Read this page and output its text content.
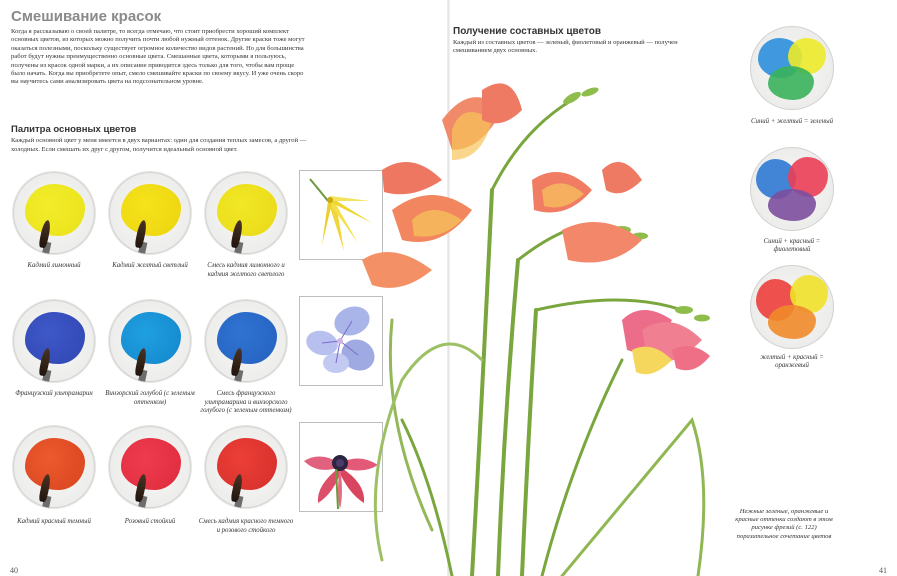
Смешивание красок

Когда я рассказываю о своей палитре, то всегда отмечаю, что стоит приобрести хороший комплект основных цветов, из которых можно получить почти любой нужный оттенок. Другие краски тоже могут оказаться полезными, поскольку существует огромное количество видов растений. Но для большинства работ будут нужны преимущественно основные цвета. Смешанные цвета, которыми я пользуюсь, получены из красок одной марки, а их описание приводится здесь только для того, чтобы вам проще было начать. Когда вы приобретете опыт, смело смешивайте краски по своему вкусу. И уже очень скоро вы научитесь сами анализировать цвета на подсознательном уровне.

Палитра основных цветов

Каждый основной цвет у меня имеется в двух вариантах: один для создания теплых замесов, а другой — холодных. Если смешать их друг с другом, получится идеальный основной цвет.

Кадмий лимонный	Кадмий желтый светлый	Смесь кадмия лимонного и кадмия желтого светлого

Французский ультрамарин	Винзорский голубой (с зеленым оттенком)

Смесь французского ультрамарина и винзорского голубого (с зеленым оттенком)

Кадмий красный темный	Розовый стойкий	Смесь кадмия красного темного и розового стойкого

40
Получение составных цветов

Каждый из составных цветов — зеленый, фиолетовый и оранжевый — получен смешиванием двух основных.

Синий + желтый = зеленый

Синий + красный = фиолетовый

желтый + красный = оранжевый

Нежные зеленые, оранжевые и красные оттенки создают в этом рисунке фрезий (с. 122) поразительное сочетание цветов

41
